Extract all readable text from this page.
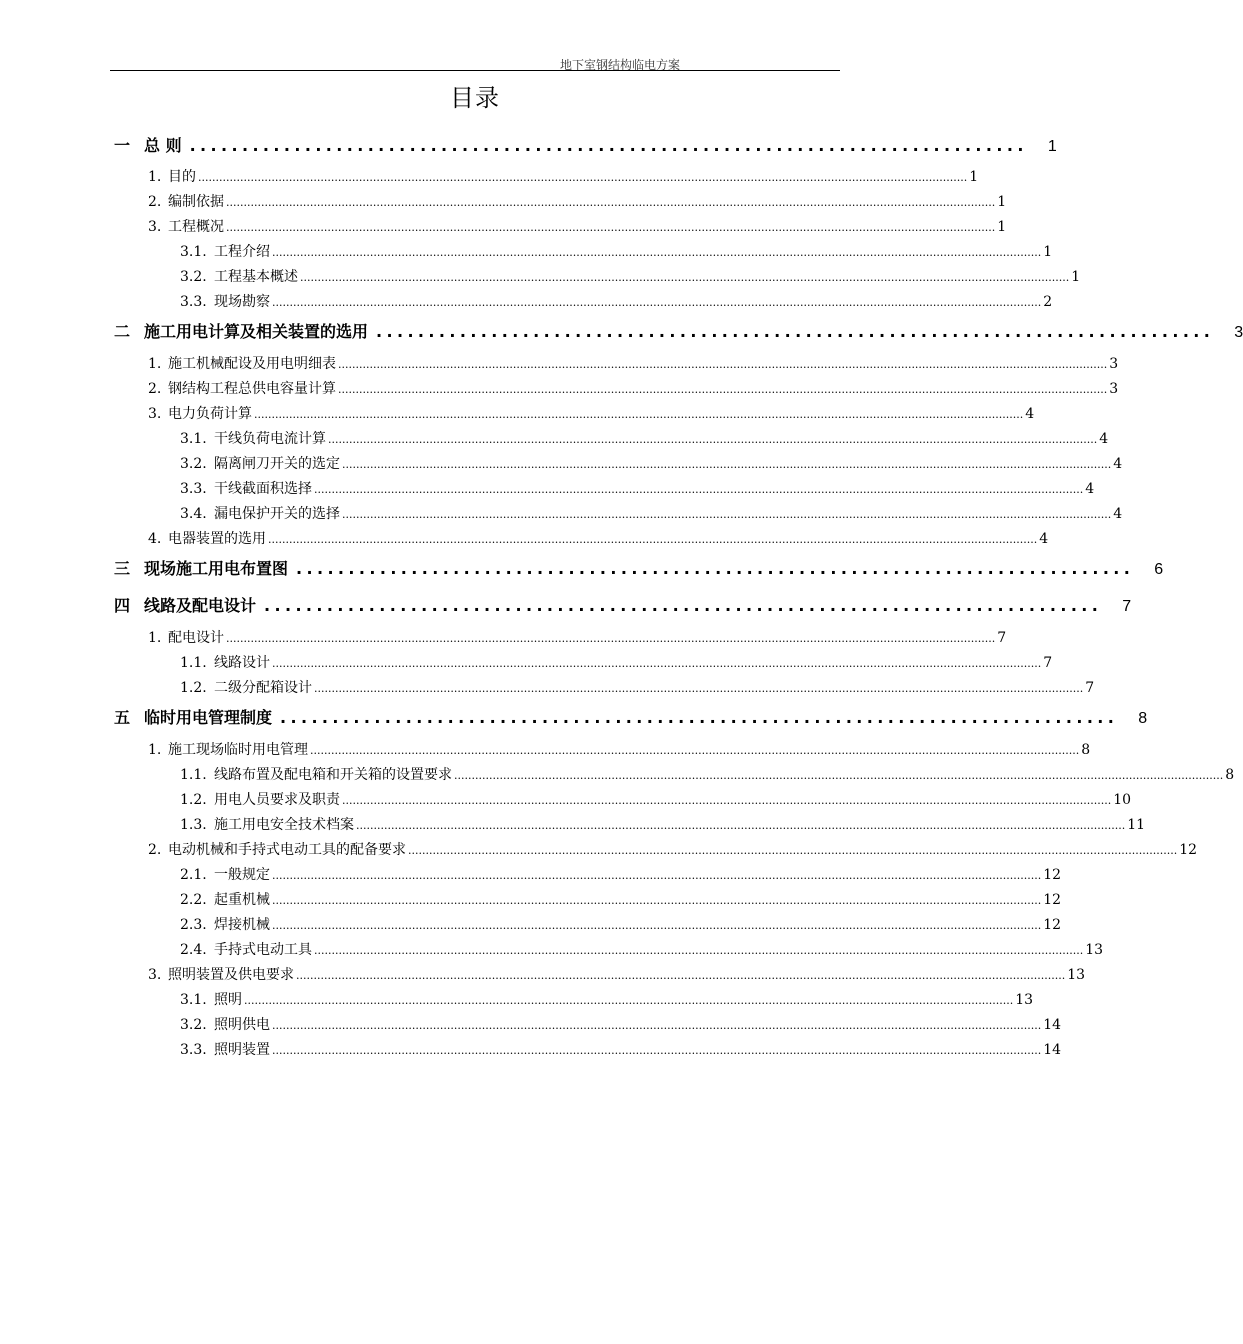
地下室钢结构临电方案
目录
一 总 则 ................................................................................ 1
1. 目的 ............................................................................................................................................................................................................................ 1
2. 编制依据 ............................................................................................................................................................................................................................ 1
3. 工程概况 ............................................................................................................................................................................................................................ 1
3.1. 工程介绍 ............................................................................................................................................................................................................................ 1
3.2. 工程基本概述 ............................................................................................................................................................................................................................ 1
3.3. 现场勘察 ............................................................................................................................................................................................................................ 2
二 施工用电计算及相关装置的选用 ................................................................................ 3
1. 施工机械配设及用电明细表 ............................................................................................................................................................................................................................ 3
2. 钢结构工程总供电容量计算 ............................................................................................................................................................................................................................ 3
3. 电力负荷计算 ............................................................................................................................................................................................................................ 4
3.1. 干线负荷电流计算 ............................................................................................................................................................................................................................ 4
3.2. 隔离闸刀开关的选定 ............................................................................................................................................................................................................................ 4
3.3. 干线截面积选择 ............................................................................................................................................................................................................................ 4
3.4. 漏电保护开关的选择 ............................................................................................................................................................................................................................ 4
4. 电器装置的选用 ............................................................................................................................................................................................................................ 4
三 现场施工用电布置图 ................................................................................ 6
四 线路及配电设计 ................................................................................ 7
1. 配电设计 ............................................................................................................................................................................................................................ 7
1.1. 线路设计 ............................................................................................................................................................................................................................ 7
1.2. 二级分配箱设计 ............................................................................................................................................................................................................................ 7
五 临时用电管理制度 ................................................................................ 8
1. 施工现场临时用电管理 ............................................................................................................................................................................................................................ 8
1.1. 线路布置及配电箱和开关箱的设置要求 ............................................................................................................................................................................................................................ 8
1.2. 用电人员要求及职责 ............................................................................................................................................................................................................................ 10
1.3. 施工用电安全技术档案 ............................................................................................................................................................................................................................ 11
2. 电动机械和手持式电动工具的配备要求 ............................................................................................................................................................................................................................ 12
2.1. 一般规定 ............................................................................................................................................................................................................................ 12
2.2. 起重机械 ............................................................................................................................................................................................................................ 12
2.3. 焊接机械 ............................................................................................................................................................................................................................ 12
2.4. 手持式电动工具 ............................................................................................................................................................................................................................ 13
3. 照明装置及供电要求 ............................................................................................................................................................................................................................ 13
3.1. 照明 ............................................................................................................................................................................................................................ 13
3.2. 照明供电 ............................................................................................................................................................................................................................ 14
3.3. 照明装置 ............................................................................................................................................................................................................................ 14
